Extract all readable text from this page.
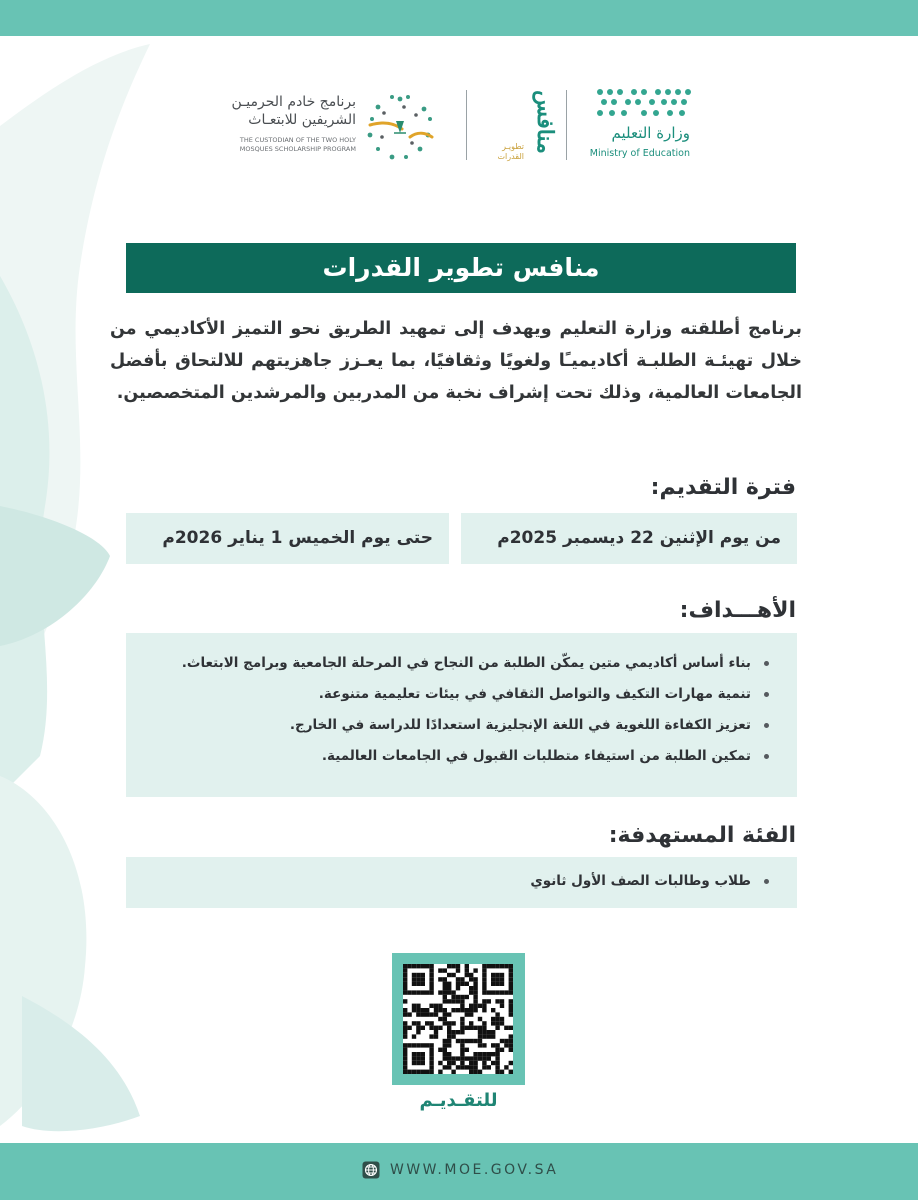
وزارة التعليم
Ministry of Education
منافس
تطويـر
القدرات
برنامج خادم الحرميـن
الشريفين للابتعـاث
THE CUSTODIAN OF THE TWO HOLY
MOSQUES SCHOLARSHIP PROGRAM
منافس تطوير القدرات
برنامج أطلقته وزارة التعليم ويهدف إلى تمهيد الطريق نحو التميز الأكاديمي من خلال تهيئـة الطلبـة أكاديميـًا ولغويًا وثقافيًا، بما يعـزز جاهزيتهم للالتحاق بأفضل الجامعات العالمية، وذلك تحت إشراف نخبة من المدربين والمرشدين المتخصصين.
فترة التقديم:
من يوم الإثنين 22 ديسمبر 2025م
حتى يوم الخميس 1 يناير 2026م
الأهـــداف:
بناء أساس أكاديمي متين يمكّن الطلبة من النجاح في المرحلة الجامعية وبرامج الابتعاث.
تنمية مهارات التكيف والتواصل الثقافي في بيئات تعليمية متنوعة.
تعزيز الكفاءة اللغوية في اللغة الإنجليزية استعدادًا للدراسة في الخارج.
تمكين الطلبة من استيفاء متطلبات القبول في الجامعات العالمية.
الفئة المستهدفة:
طلاب وطالبات الصف الأول ثانوي
للتقـديـم
WWW.MOE.GOV.SA
